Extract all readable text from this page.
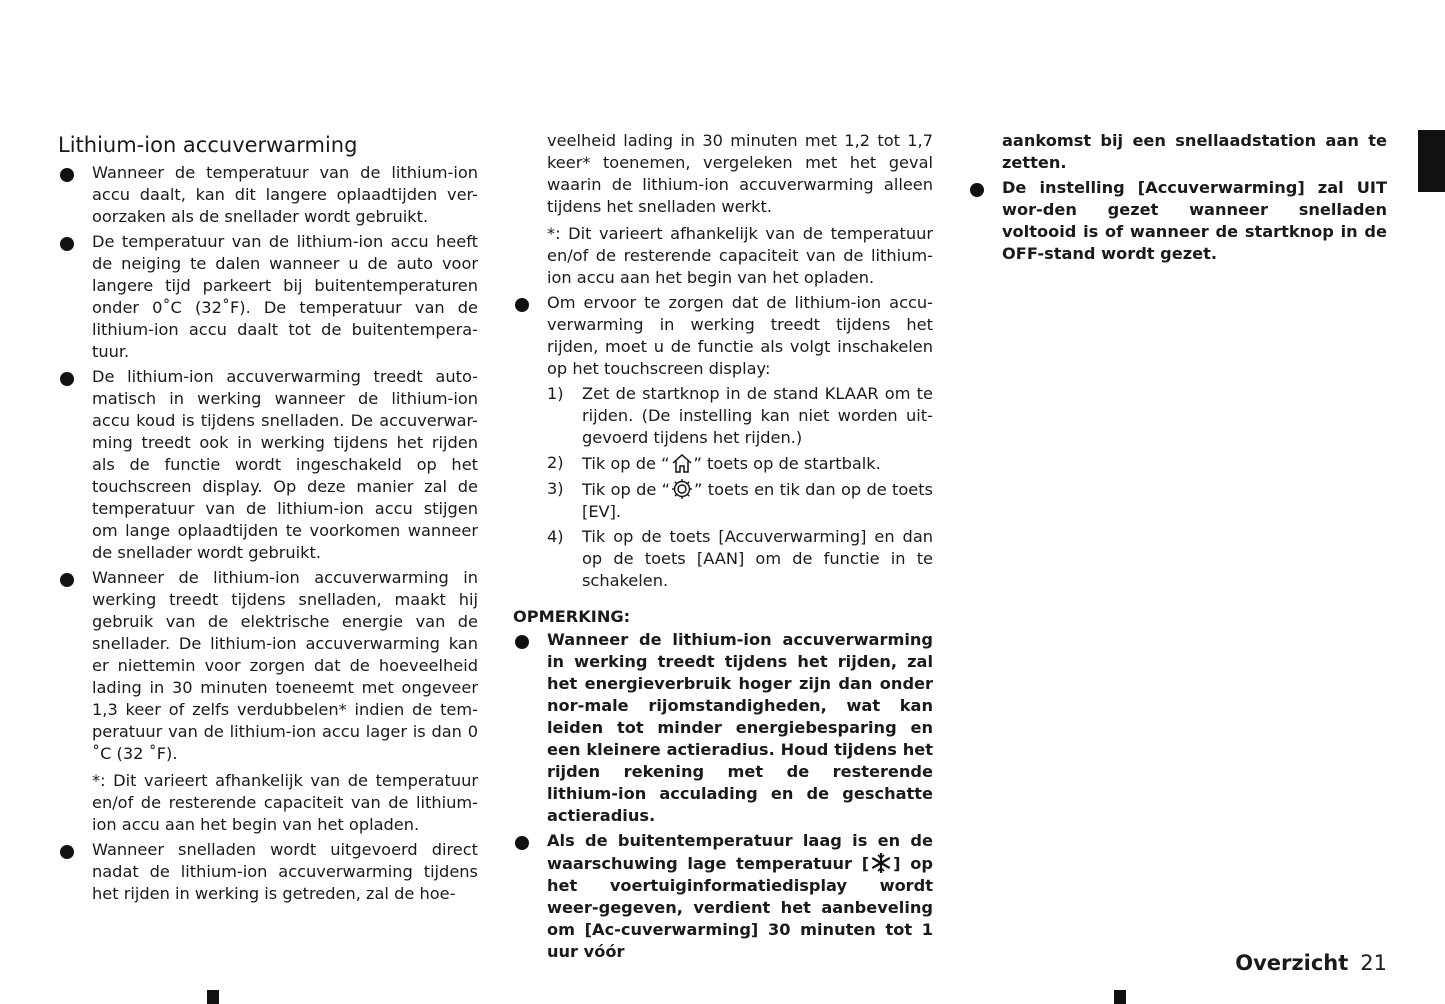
Lithium-ion accuverwarming
Wanneer de temperatuur van de lithium-ion accu daalt, kan dit langere oplaadtijden ver-oorzaken als de snellader wordt gebruikt.
De temperatuur van de lithium-ion accu heeft de neiging te dalen wanneer u de auto voor langere tijd parkeert bij buitentemperaturen onder 0˚C (32˚F). De temperatuur van de lithium-ion accu daalt tot de buitentempera-tuur.
De lithium-ion accuverwarming treedt auto-matisch in werking wanneer de lithium-ion accu koud is tijdens snelladen. De accuverwar-ming treedt ook in werking tijdens het rijden als de functie wordt ingeschakeld op het touchscreen display. Op deze manier zal de temperatuur van de lithium-ion accu stijgen om lange oplaadtijden te voorkomen wanneer de snellader wordt gebruikt.
Wanneer de lithium-ion accuverwarming in werking treedt tijdens snelladen, maakt hij gebruik van de elektrische energie van de snellader. De lithium-ion accuverwarming kan er niettemin voor zorgen dat de hoeveelheid lading in 30 minuten toeneemt met ongeveer 1,3 keer of zelfs verdubbelen* indien de tem-peratuur van de lithium-ion accu lager is dan 0 ˚C (32 ˚F).

*: Dit varieert afhankelijk van de temperatuur en/of de resterende capaciteit van de lithium-ion accu aan het begin van het opladen.

Wanneer snelladen wordt uitgevoerd direct nadat de lithium-ion accuverwarming tijdens het rijden in werking is getreden, zal de hoe-

veelheid lading in 30 minuten met 1,2 tot 1,7 keer* toenemen, vergeleken met het geval waarin de lithium-ion accuverwarming alleen tijdens het snelladen werkt.

*: Dit varieert afhankelijk van de temperatuur en/of de resterende capaciteit van de lithium-ion accu aan het begin van het opladen.

Om ervoor te zorgen dat de lithium-ion accu-verwarming in werking treedt tijdens het rijden, moet u de functie als volgt inschakelen op het touchscreen display:
1) Zet de startknop in de stand KLAAR om te rijden. (De instelling kan niet worden uit-gevoerd tijdens het rijden.)
2) Tik op de “ ” toets op de startbalk.
3) Tik op de “ ” toets en tik dan op de toets [EV].
4) Tik op de toets [Accuverwarming] en dan op de toets [AAN] om de functie in te schakelen.

OPMERKING:

Wanneer de lithium-ion accuverwarming in werking treedt tijdens het rijden, zal het energieverbruik hoger zijn dan onder nor-male rijomstandigheden, wat kan leiden tot minder energiebesparing en een kleinere actieradius. Houd tijdens het rijden rekening met de resterende lithium-ion acculading en de geschatte actieradius.
Als de buitentemperatuur laag is en de waarschuwing lage temperatuur [ ] op het voertuiginformatiedisplay wordt weer-gegeven, verdient het aanbeveling om [Ac-cuverwarming] 30 minuten tot 1 uur vóór

aankomst bij een snellaadstation aan te zetten.

De instelling [Accuverwarming] zal UIT wor-den gezet wanneer snelladen voltooid is of wanneer de startknop in de OFF-stand wordt gezet.
Overzicht 21
